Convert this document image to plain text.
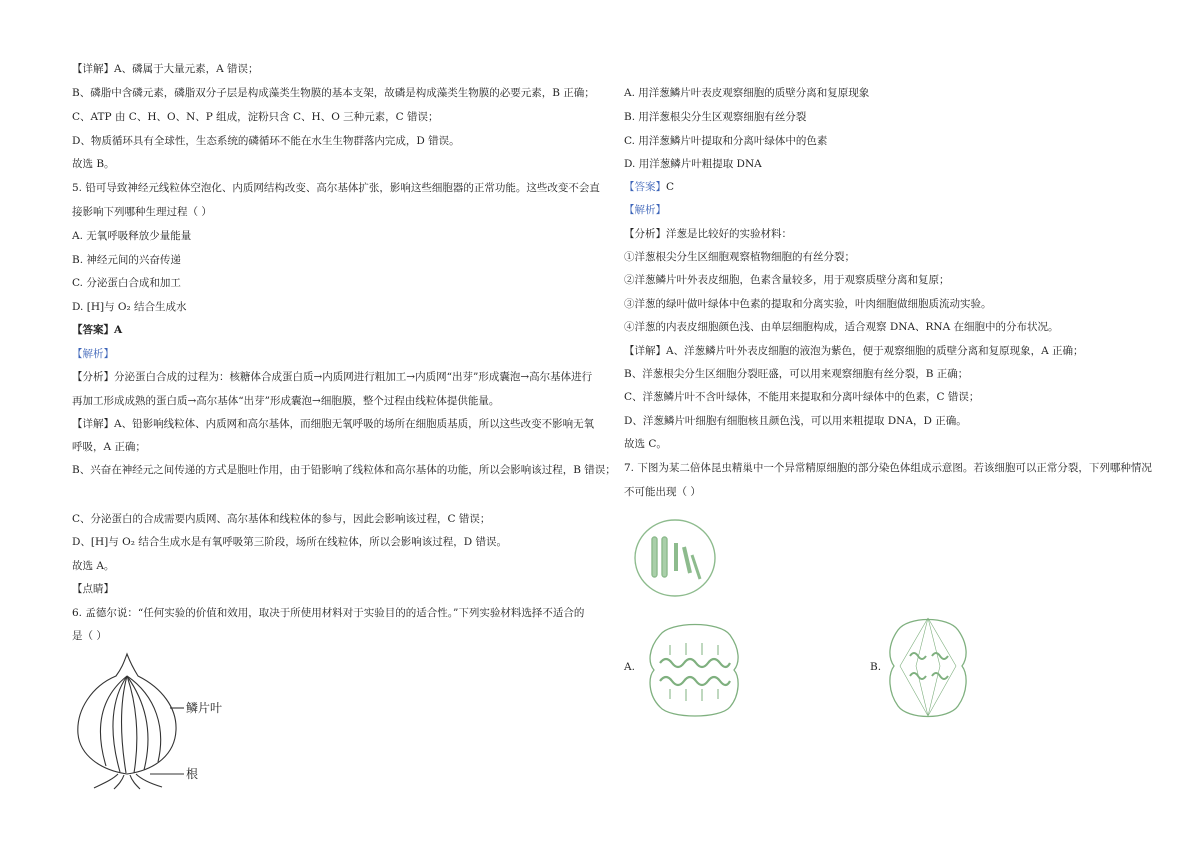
【详解】A、磷属于大量元素，A 错误；
B、磷脂中含磷元素，磷脂双分子层是构成藻类生物膜的基本支架，故磷是构成藻类生物膜的必要元素，B 正确；
C、ATP 由 C、H、O、N、P 组成，淀粉只含 C、H、O 三种元素，C 错误；
D、物质循环具有全球性，生态系统的磷循环不能在水生生物群落内完成，D 错误。
故选 B。
5. 铅可导致神经元线粒体空泡化、内质网结构改变、高尔基体扩张，影响这些细胞器的正常功能。这些改变不会直
接影响下列哪种生理过程（ ）
A. 无氧呼吸释放少量能量
B. 神经元间的兴奋传递
C. 分泌蛋白合成和加工
D. [H]与 O₂ 结合生成水
【答案】A
【解析】
【分析】分泌蛋白合成的过程为：核糖体合成蛋白质→内质网进行粗加工→内质网“出芽”形成囊泡→高尔基体进行
再加工形成成熟的蛋白质→高尔基体“出芽”形成囊泡→细胞膜，整个过程由线粒体提供能量。
【详解】A、铅影响线粒体、内质网和高尔基体，而细胞无氧呼吸的场所在细胞质基质，所以这些改变不影响无氧
呼吸，A 正确；
B、兴奋在神经元之间传递的方式是胞吐作用，由于铅影响了线粒体和高尔基体的功能，所以会影响该过程，B 错误；
C、分泌蛋白的合成需要内质网、高尔基体和线粒体的参与，因此会影响该过程，C 错误；
D、[H]与 O₂ 结合生成水是有氧呼吸第三阶段，场所在线粒体，所以会影响该过程，D 错误。
故选 A。
【点睛】
6. 孟德尔说：“任何实验的价值和效用，取决于所使用材料对于实验目的的适合性。”下列实验材料选择不适合的
是（ ）
鳞片叶
根
A. 用洋葱鳞片叶表皮观察细胞的质壁分离和复原现象
B. 用洋葱根尖分生区观察细胞有丝分裂
C. 用洋葱鳞片叶提取和分离叶绿体中的色素
D. 用洋葱鳞片叶粗提取 DNA
【答案】C
【解析】
【分析】洋葱是比较好的实验材料：
①洋葱根尖分生区细胞观察植物细胞的有丝分裂；
②洋葱鳞片叶外表皮细胞，色素含量较多，用于观察质壁分离和复原；
③洋葱的绿叶做叶绿体中色素的提取和分离实验，叶肉细胞做细胞质流动实验。
④洋葱的内表皮细胞颜色浅、由单层细胞构成，适合观察 DNA、RNA 在细胞中的分布状况。
【详解】A、洋葱鳞片叶外表皮细胞的液泡为紫色，便于观察细胞的质壁分离和复原现象，A 正确；
B、洋葱根尖分生区细胞分裂旺盛，可以用来观察细胞有丝分裂，B 正确；
C、洋葱鳞片叶不含叶绿体，不能用来提取和分离叶绿体中的色素，C 错误；
D、洋葱鳞片叶细胞有细胞核且颜色浅，可以用来粗提取 DNA，D 正确。
故选 C。
7. 下图为某二倍体昆虫精巢中一个异常精原细胞的部分染色体组成示意图。若该细胞可以正常分裂，下列哪种情况
不可能出现（ ）
A.	B.
